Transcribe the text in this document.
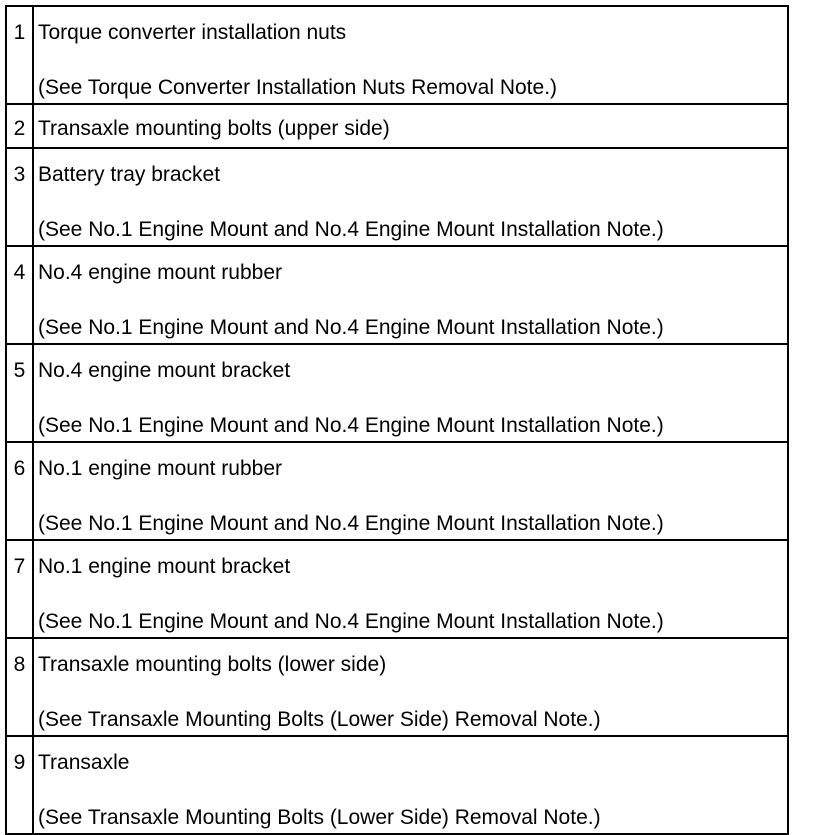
1	Torque converter installation nuts
(See Torque Converter Installation Nuts Removal Note.)

2	Transaxle mounting bolts (upper side)

3	Battery tray bracket
(See No.1 Engine Mount and No.4 Engine Mount Installation Note.)

4	No.4 engine mount rubber
(See No.1 Engine Mount and No.4 Engine Mount Installation Note.)

5	No.4 engine mount bracket
(See No.1 Engine Mount and No.4 Engine Mount Installation Note.)

6	No.1 engine mount rubber
(See No.1 Engine Mount and No.4 Engine Mount Installation Note.)

7	No.1 engine mount bracket
(See No.1 Engine Mount and No.4 Engine Mount Installation Note.)

8	Transaxle mounting bolts (lower side)
(See Transaxle Mounting Bolts (Lower Side) Removal Note.)

9	Transaxle
(See Transaxle Mounting Bolts (Lower Side) Removal Note.)
